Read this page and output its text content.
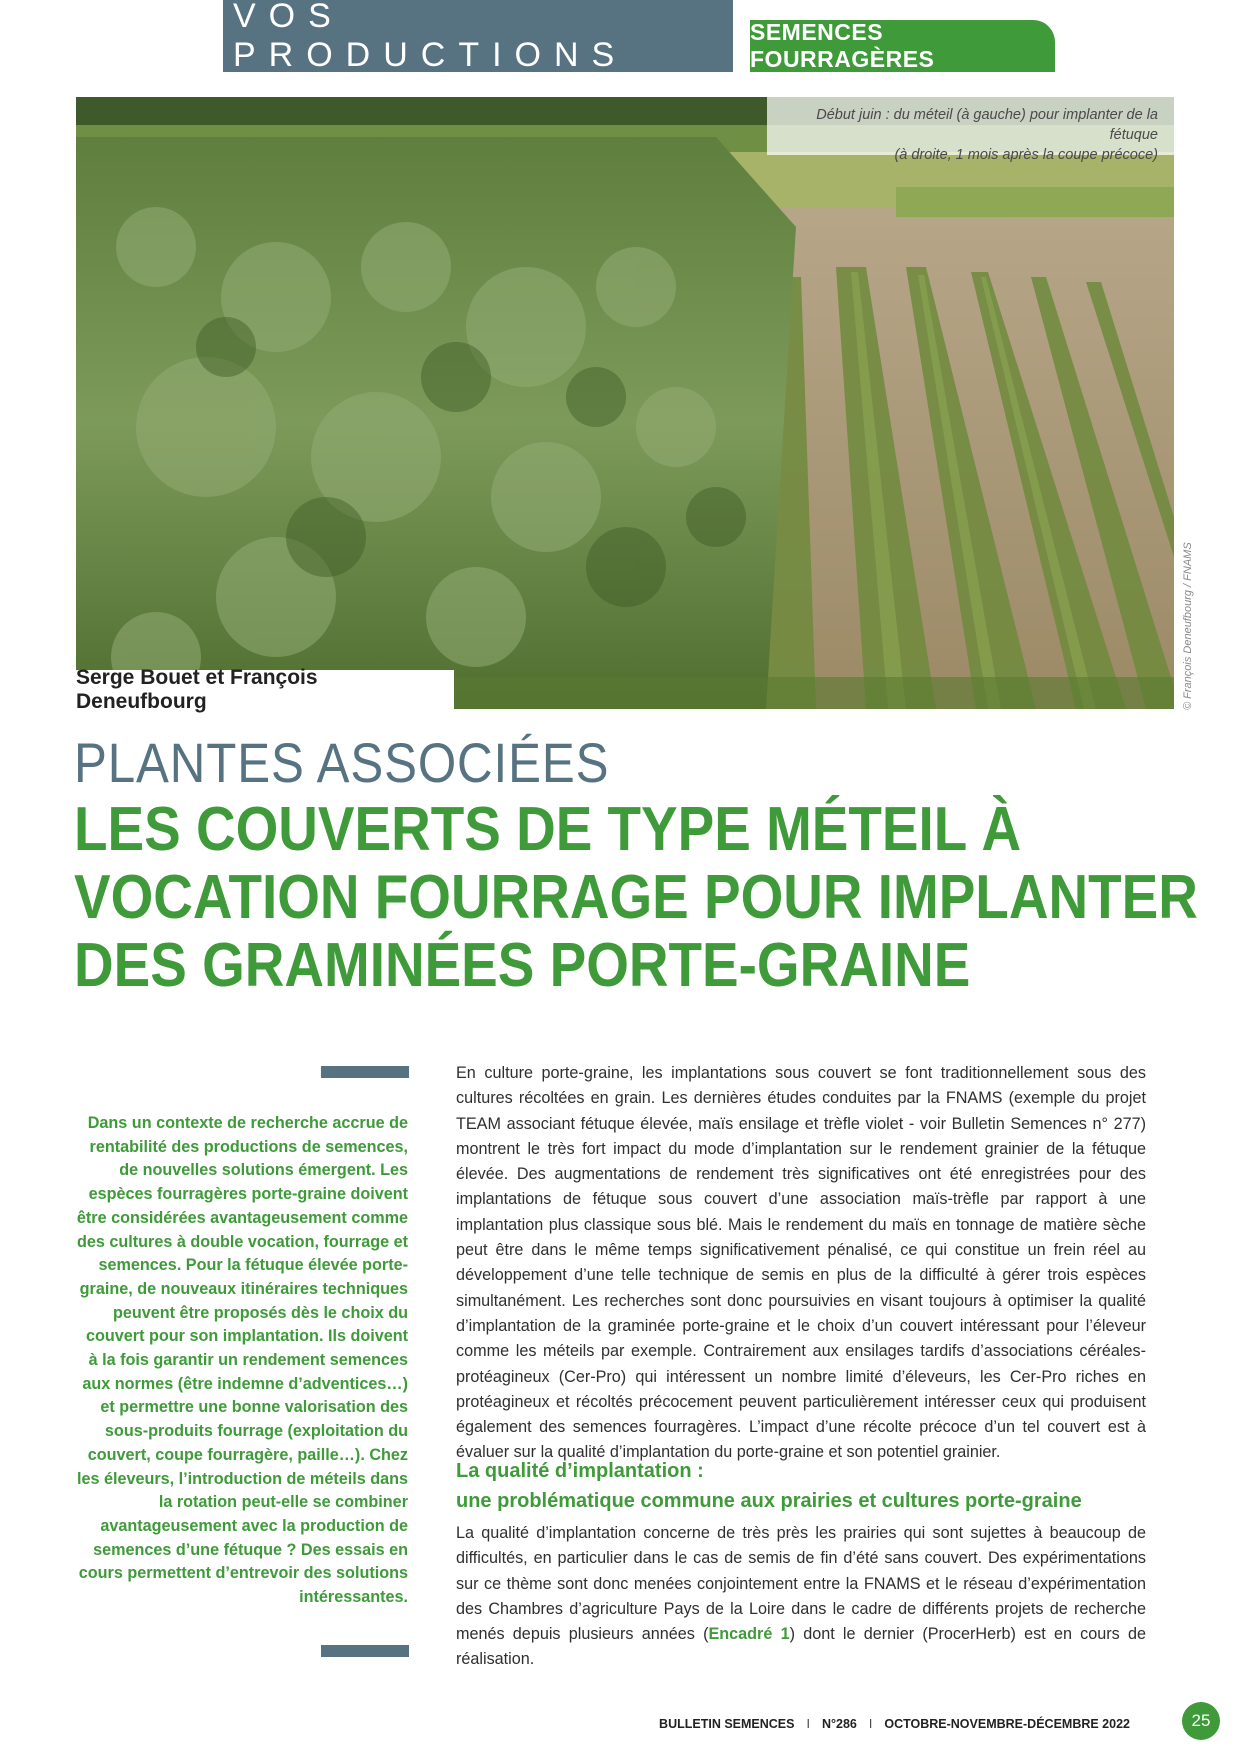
VOS PRODUCTIONS
SEMENCES FOURRAGÈRES
Début juin : du méteil (à gauche) pour implanter de la fétuque
(à droite, 1 mois après la coupe précoce)
Serge Bouet et François Deneufbourg	© François Deneufbourg / FNAMS
PLANTES ASSOCIÉES
LES COUVERTS DE TYPE MÉTEIL À
VOCATION FOURRAGE POUR IMPLANTER
DES GRAMINÉES PORTE-GRAINE
Dans un contexte de recherche accrue de rentabilité des productions de semences, de nouvelles solutions émergent. Les espèces fourragères porte-graine doivent être considérées avantageusement comme des cultures à double vocation, fourrage et semences. Pour la fétuque élevée porte-graine, de nouveaux itinéraires techniques peuvent être proposés dès le choix du couvert pour son implantation. Ils doivent à la fois garantir un rendement semences aux normes (être indemne d’adventices…) et permettre une bonne valorisation des sous-produits fourrage (exploitation du couvert, coupe fourragère, paille…). Chez les éleveurs, l’introduction de méteils dans la rotation peut-elle se combiner avantageusement avec la production de semences d’une fétuque ? Des essais en cours permettent d’entrevoir des solutions intéressantes.
En culture porte-graine, les implantations sous couvert se font traditionnellement sous des cultures récoltées en grain. Les dernières études conduites par la FNAMS (exemple du projet TEAM associant fétuque élevée, maïs ensilage et trèfle violet - voir Bulletin Semences n° 277) montrent le très fort impact du mode d’implantation sur le rendement grainier de la fétuque élevée. Des augmentations de rendement très significatives ont été enregistrées pour des implantations de fétuque sous couvert d’une association maïs-trèfle par rapport à une implantation plus classique sous blé. Mais le rendement du maïs en tonnage de matière sèche peut être dans le même temps significativement pénalisé, ce qui constitue un frein réel au développement d’une telle technique de semis en plus de la difficulté à gérer trois espèces simultanément. Les recherches sont donc poursuivies en visant toujours à optimiser la qualité d’implantation de la graminée porte-graine et le choix d’un couvert intéressant pour l’éleveur comme les méteils par exemple. Contrairement aux ensilages tardifs d’associations céréales-protéagineux (Cer-Pro) qui intéressent un nombre limité d’éleveurs, les Cer-Pro riches en protéagineux et récoltés précocement peuvent particulièrement intéresser ceux qui produisent également des semences fourragères. L’impact d’une récolte précoce d’un tel couvert est à évaluer sur la qualité d’implantation du porte-graine et son potentiel grainier.
La qualité d’implantation :
une problématique commune aux prairies et cultures porte-graine
La qualité d’implantation concerne de très près les prairies qui sont sujettes à beaucoup de difficultés, en particulier dans le cas de semis de fin d’été sans couvert. Des expérimentations sur ce thème sont donc menées conjointement entre la FNAMS et le réseau d’expérimentation des Chambres d’agriculture Pays de la Loire dans le cadre de différents projets de recherche menés depuis plusieurs années (Encadré 1) dont le dernier (ProcerHerb) est en cours de réalisation.
BULLETIN SEMENCES I N°286 I OCTOBRE-NOVEMBRE-DÉCEMBRE 2022	25
